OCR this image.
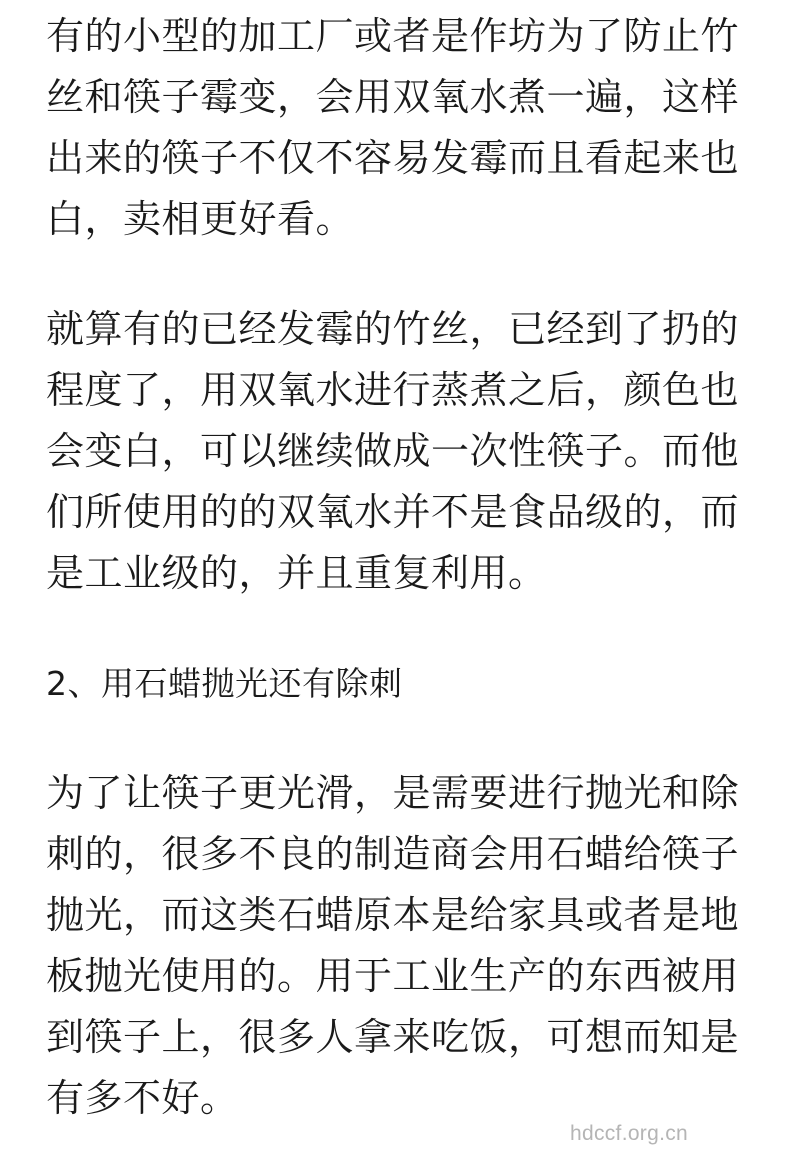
有的小型的加工厂或者是作坊为了防止竹丝和筷子霉变，会用双氧水煮一遍，这样出来的筷子不仅不容易发霉而且看起来也白，卖相更好看。

就算有的已经发霉的竹丝，已经到了扔的程度了，用双氧水进行蒸煮之后，颜色也会变白，可以继续做成一次性筷子。而他们所使用的的双氧水并不是食品级的，而是工业级的，并且重复利用。

2、用石蜡抛光还有除刺

为了让筷子更光滑，是需要进行抛光和除刺的，很多不良的制造商会用石蜡给筷子抛光，而这类石蜡原本是给家具或者是地板抛光使用的。用于工业生产的东西被用到筷子上，很多人拿来吃饭，可想而知是有多不好。

hdccf.org.cn
